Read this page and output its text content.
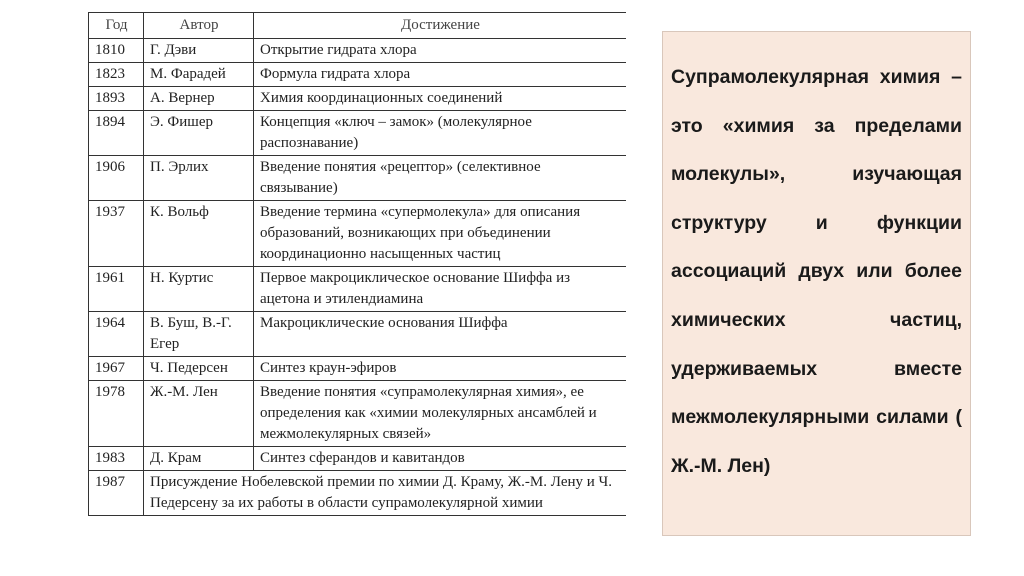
Год	Автор	Достижение
1810	Г. Дэви	Открытие гидрата хлора
1823	М. Фарадей	Формула гидрата хлора
1893	А. Вернер	Химия координационных соединений
1894	Э. Фишер	Концепция «ключ – замок» (молекулярное распознавание)
1906	П. Эрлих	Введение понятия «рецептор» (селективное связывание)
1937	К. Вольф	Введение термина «супермолекула» для описания образований, возникающих при объединении координационно насыщенных частиц
1961	Н. Куртис	Первое макроциклическое основание Шиффа из ацетона и этилендиамина
1964	В. Буш, В.-Г. Егер	Макроциклические основания Шиффа
1967	Ч. Педерсен	Синтез краун-эфиров
1978	Ж.-М. Лен	Введение понятия «супрамолекулярная химия», ее определения как «химии молекулярных ансамблей и межмолекулярных связей»
1983	Д. Крам	Синтез сферандов и кавитандов
1987	Присуждение Нобелевской премии по химии Д. Краму, Ж.-М. Лену и Ч. Педерсену за их работы в области супрамолекулярной химии	

Супрамолекулярная химия – это «химия за пределами молекулы», изучающая структуру и функции ассоциаций двух или более химических частиц, удерживаемых вместе межмолекулярными силами ( Ж.-М. Лен)
